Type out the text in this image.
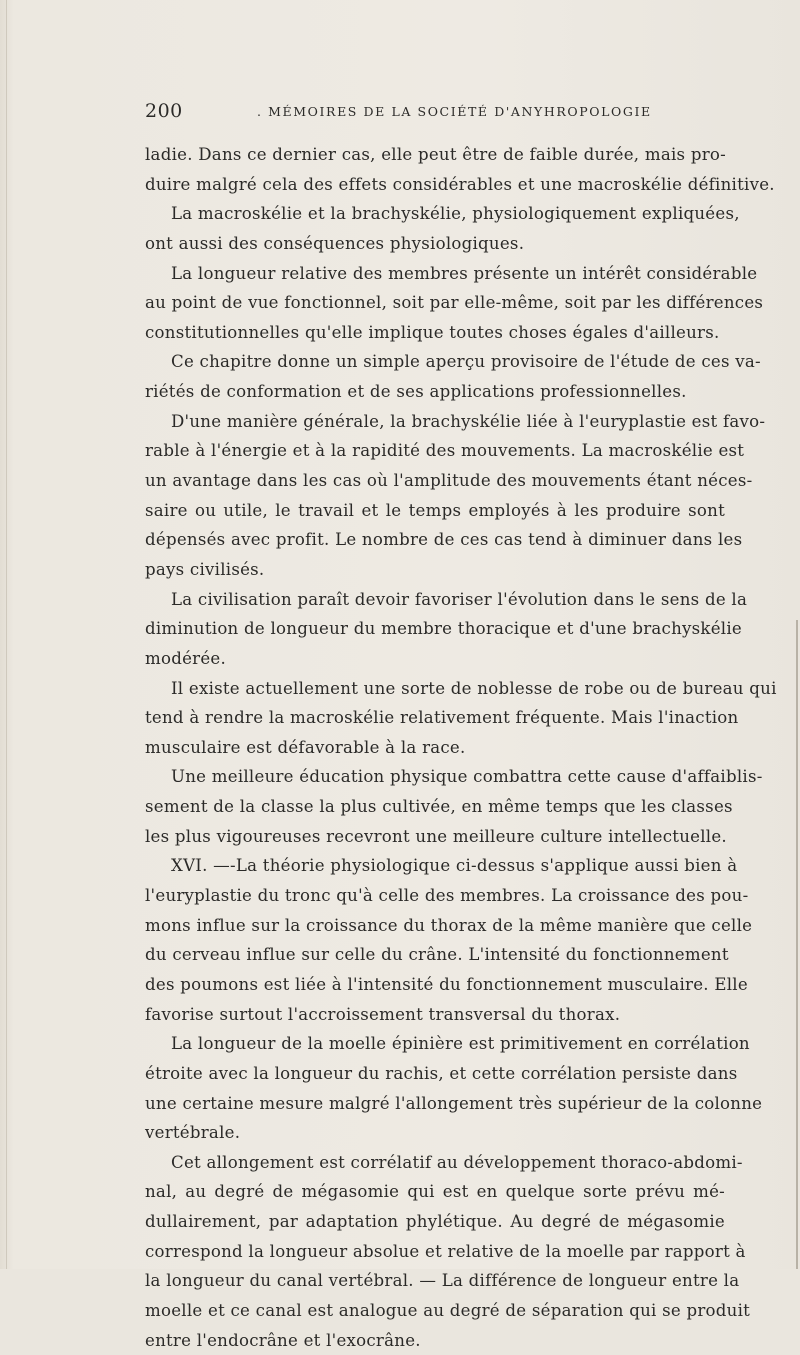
200	. MÉMOIRES DE LA SOCIÉTÉ D'ANYHROPOLOGIE
ladie. Dans ce dernier cas, elle peut être de faible durée, mais pro-
duire malgré cela des effets considérables et une macroskélie définitive.
La macroskélie et la brachyskélie, physiologiquement expliquées,
ont aussi des conséquences physiologiques.
La longueur relative des membres présente un intérêt considérable
au point de vue fonctionnel, soit par elle-même, soit par les différences
constitutionnelles qu'elle implique toutes choses égales d'ailleurs.
Ce chapitre donne un simple aperçu provisoire de l'étude de ces va-
riétés de conformation et de ses applications professionnelles.
D'une manière générale, la brachyskélie liée à l'euryplastie est favo-
rable à l'énergie et à la rapidité des mouvements. La macroskélie est
un avantage dans les cas où l'amplitude des mouvements étant néces-
saire ou utile, le travail et le temps employés à les produire sont
dépensés avec profit. Le nombre de ces cas tend à diminuer dans les
pays civilisés.
La civilisation paraît devoir favoriser l'évolution dans le sens de la
diminution de longueur du membre thoracique et d'une brachyskélie
modérée.
Il existe actuellement une sorte de noblesse de robe ou de bureau qui
tend à rendre la macroskélie relativement fréquente. Mais l'inaction
musculaire est défavorable à la race.
Une meilleure éducation physique combattra cette cause d'affaiblis-
sement de la classe la plus cultivée, en même temps que les classes
les plus vigoureuses recevront une meilleure culture intellectuelle.
XVI. —-La théorie physiologique ci-dessus s'applique aussi bien à
l'euryplastie du tronc qu'à celle des membres. La croissance des pou-
mons influe sur la croissance du thorax de la même manière que celle
du cerveau influe sur celle du crâne. L'intensité du fonctionnement
des poumons est liée à l'intensité du fonctionnement musculaire. Elle
favorise surtout l'accroissement transversal du thorax.
La longueur de la moelle épinière est primitivement en corrélation
étroite avec la longueur du rachis, et cette corrélation persiste dans
une certaine mesure malgré l'allongement très supérieur de la colonne
vertébrale.
Cet allongement est corrélatif au développement thoraco-abdomi-
nal, au degré de mégasomie qui est en quelque sorte prévu mé-
dullairement, par adaptation phylétique. Au degré de mégasomie
correspond la longueur absolue et relative de la moelle par rapport à
la longueur du canal vertébral. — La différence de longueur entre la
moelle et ce canal est analogue au degré de séparation qui se produit
entre l'endocrâne et l'exocrâne.
